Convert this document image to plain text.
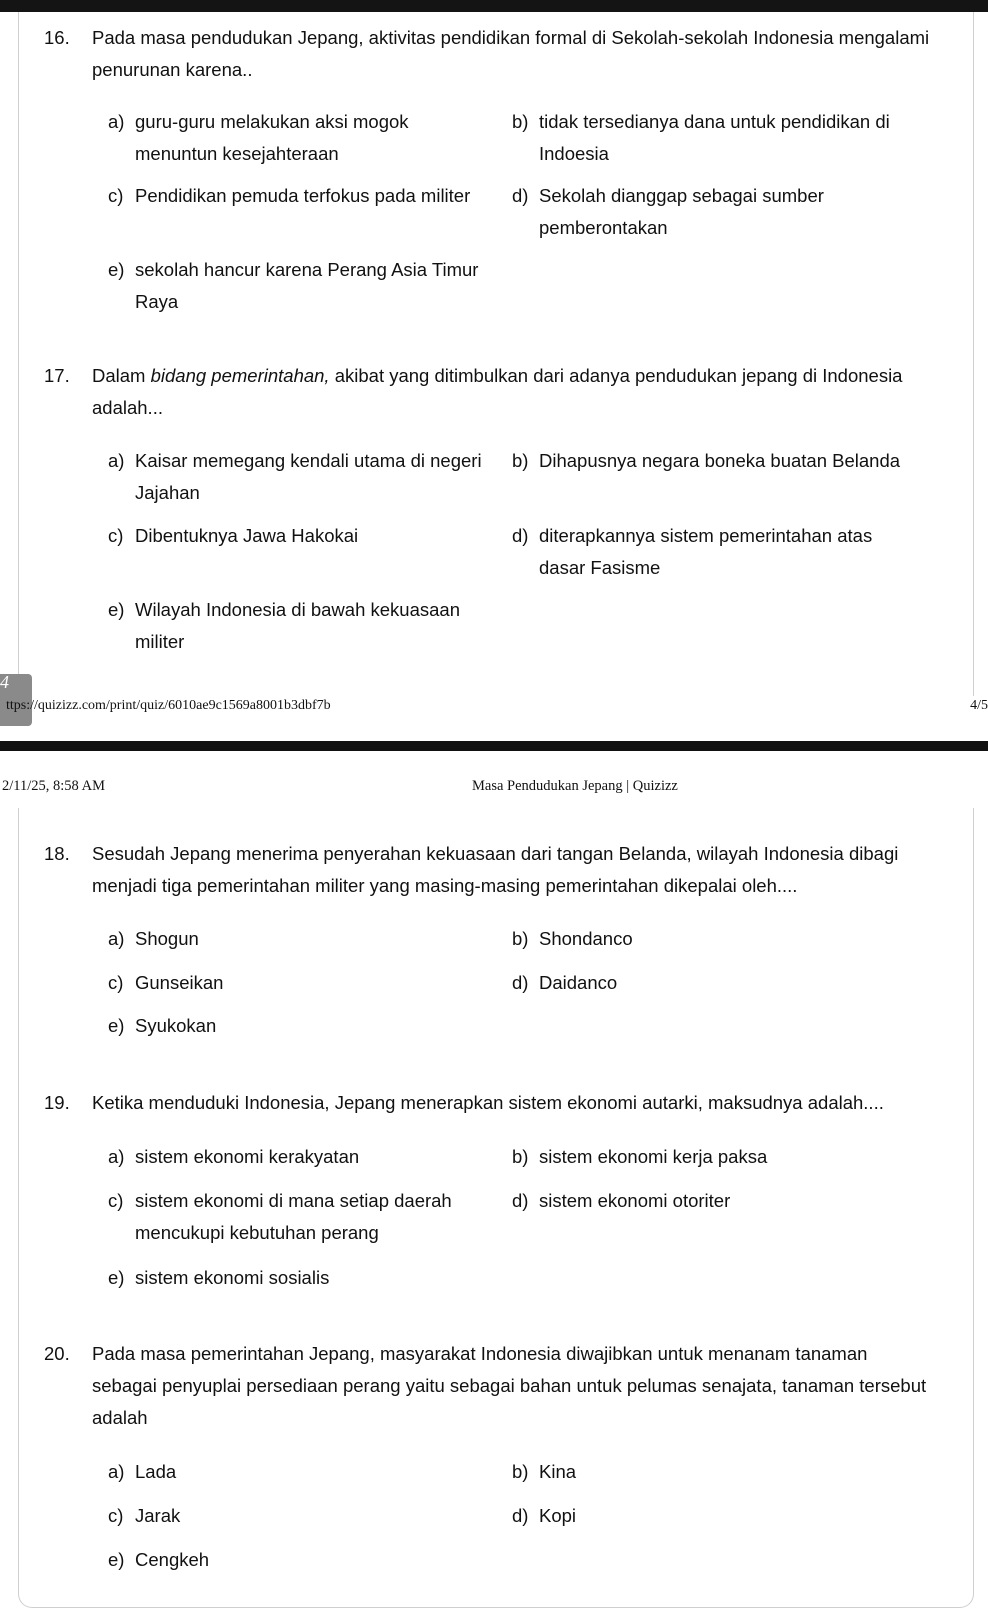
16. Pada masa pendudukan Jepang, aktivitas pendidikan formal di Sekolah-sekolah Indonesia mengalami penurunan karena..
a) guru-guru melakukan aksi mogok menuntun kesejahteraan
b) tidak tersedianya dana untuk pendidikan di Indoesia
c) Pendidikan pemuda terfokus pada militer	d) Sekolah dianggap sebagai sumber pemberontakan
e) sekolah hancur karena Perang Asia Timur Raya
17. Dalam bidang pemerintahan, akibat yang ditimbulkan dari adanya pendudukan jepang di Indonesia adalah...
a) Kaisar memegang kendali utama di negeri Jajahan
b) Dihapusnya negara boneka buatan Belanda
c) Dibentuknya Jawa Hakokai	d) diterapkannya sistem pemerintahan atas dasar Fasisme
e) Wilayah Indonesia di bawah kekuasaan militer
4
ttps://quizizz.com/print/quiz/6010ae9c1569a8001b3dbf7b	4/5
2/11/25, 8:58 AM	Masa Pendudukan Jepang | Quizizz
18. Sesudah Jepang menerima penyerahan kekuasaan dari tangan Belanda, wilayah Indonesia dibagi menjadi tiga pemerintahan militer yang masing-masing pemerintahan dikepalai oleh....
a) Shogun	b) Shondanco
c) Gunseikan	d) Daidanco
e) Syukokan
19. Ketika menduduki Indonesia, Jepang menerapkan sistem ekonomi autarki, maksudnya adalah....
a) sistem ekonomi kerakyatan	b) sistem ekonomi kerja paksa
c) sistem ekonomi di mana setiap daerah mencukupi kebutuhan perang
d) sistem ekonomi otoriter
e) sistem ekonomi sosialis
20. Pada masa pemerintahan Jepang, masyarakat Indonesia diwajibkan untuk menanam tanaman sebagai penyuplai persediaan perang yaitu sebagai bahan untuk pelumas senajata, tanaman tersebut adalah
a) Lada	b) Kina
c) Jarak	d) Kopi
e) Cengkeh
